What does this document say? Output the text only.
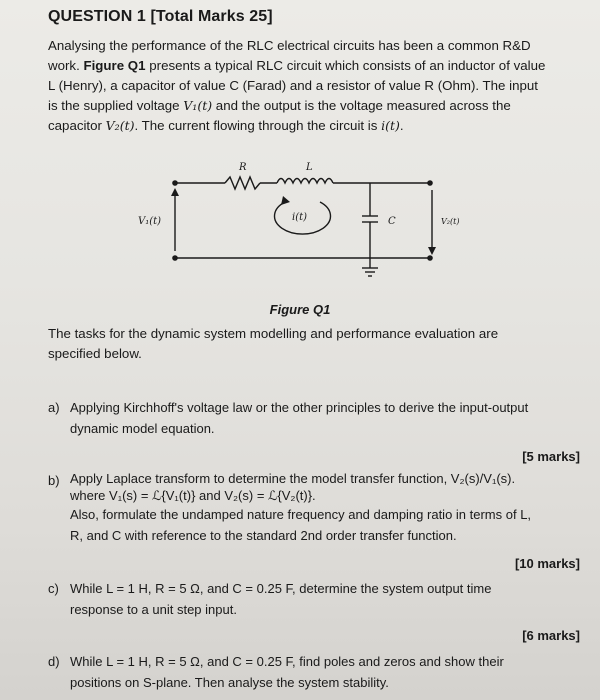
QUESTION 1 [Total Marks 25]
Analysing the performance of the RLC electrical circuits has been a common R&D
work. Figure Q1 presents a typical RLC circuit which consists of an inductor of value
L (Henry), a capacitor of value C (Farad) and a resistor of value R (Ohm). The input
is the supplied voltage V₁(t) and the output is the voltage measured across the
capacitor V₂(t). The current flowing through the circuit is i(t).
R	L
V₁(t)	i(t)	C	V₂(t)
Figure Q1
The tasks for the dynamic system modelling and performance evaluation are
specified below.
a) Applying Kirchhoff's voltage law or the other principles to derive the input-output
dynamic model equation.
[5 marks]
b) Apply Laplace transform to determine the model transfer function, V₂(s)/V₁(s).
where V₁(s) = ℒ{V₁(t)} and V₂(s) = ℒ{V₂(t)}.
Also, formulate the undamped nature frequency and damping ratio in terms of L,
R, and C with reference to the standard 2nd order transfer function.
[10 marks]
c) While L = 1 H, R = 5 Ω, and C = 0.25 F, determine the system output time
response to a unit step input.
[6 marks]
d) While L = 1 H, R = 5 Ω, and C = 0.25 F, find poles and zeros and show their
positions on S-plane. Then analyse the system stability.
